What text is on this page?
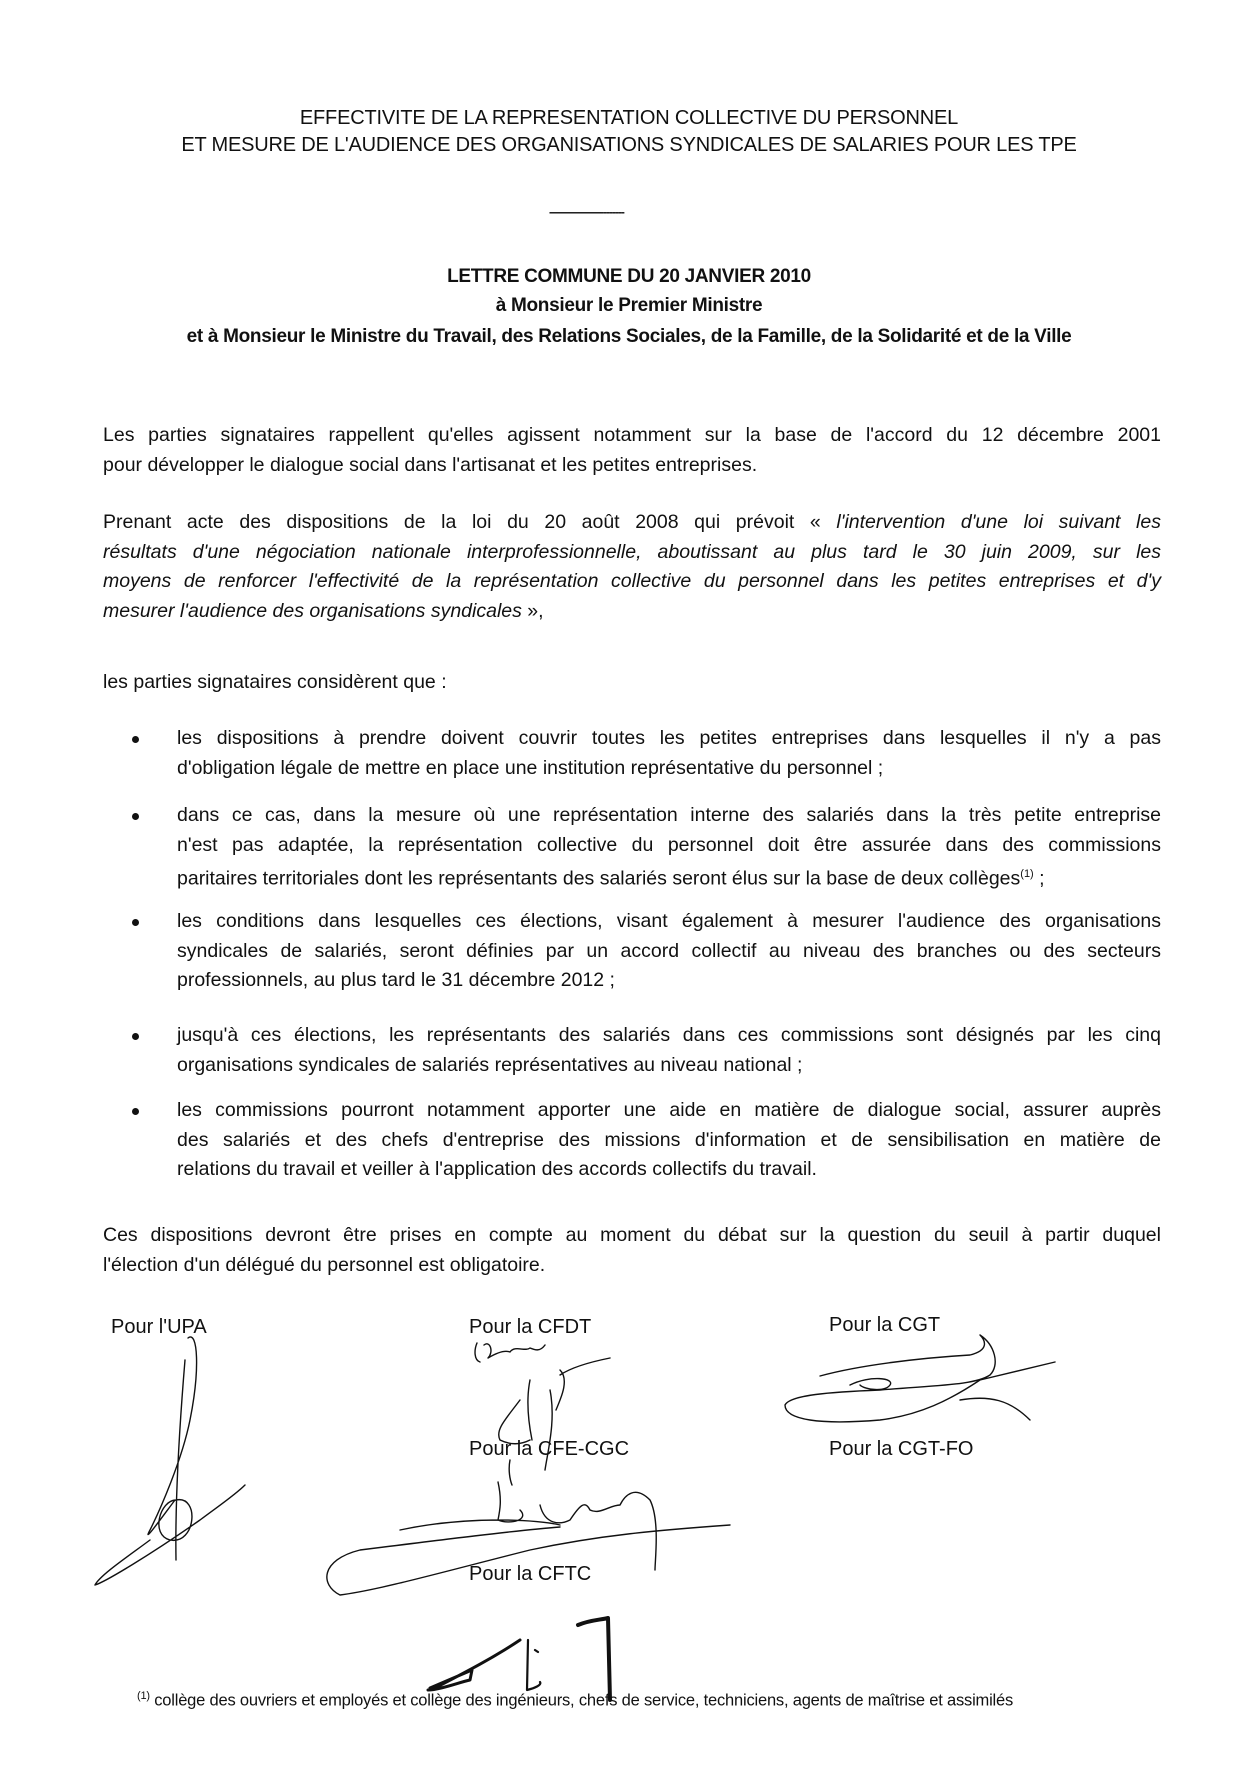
EFFECTIVITE DE LA REPRESENTATION COLLECTIVE DU PERSONNEL
ET MESURE DE L'AUDIENCE DES ORGANISATIONS SYNDICALES DE SALARIES POUR LES TPE
-------------------------
LETTRE COMMUNE DU 20 JANVIER 2010
à Monsieur le Premier Ministre
et à Monsieur le Ministre du Travail, des Relations Sociales, de la Famille, de la Solidarité et de la Ville
Les parties signataires rappellent qu'elles agissent notamment sur la base de l'accord du 12 décembre 2001
pour développer le dialogue social dans l'artisanat et les petites entreprises.
Prenant acte des dispositions de la loi du 20 août 2008 qui prévoit « l'intervention d'une loi suivant les
résultats d'une négociation nationale interprofessionnelle, aboutissant au plus tard le 30 juin 2009, sur les
moyens de renforcer l'effectivité de la représentation collective du personnel dans les petites entreprises et d'y
mesurer l'audience des organisations syndicales »,
les parties signataires considèrent que :
les dispositions à prendre doivent couvrir toutes les petites entreprises dans lesquelles il n'y a pas
d'obligation légale de mettre en place une institution représentative du personnel ;
dans ce cas, dans la mesure où une représentation interne des salariés dans la très petite entreprise
n'est pas adaptée, la représentation collective du personnel doit être assurée dans des commissions
paritaires territoriales dont les représentants des salariés seront élus sur la base de deux collèges$^{(1)}$ ;
les conditions dans lesquelles ces élections, visant également à mesurer l'audience des organisations
syndicales de salariés, seront définies par un accord collectif au niveau des branches ou des secteurs
professionnels, au plus tard le 31 décembre 2012 ;
jusqu'à ces élections, les représentants des salariés dans ces commissions sont désignés par les cinq
organisations syndicales de salariés représentatives au niveau national ;
les commissions pourront notamment apporter une aide en matière de dialogue social, assurer auprès
des salariés et des chefs d'entreprise des missions d'information et de sensibilisation en matière de
relations du travail et veiller à l'application des accords collectifs du travail.
Ces dispositions devront être prises en compte au moment du débat sur la question du seuil à partir duquel
l'élection d'un délégué du personnel est obligatoire.
Pour l'UPA	Pour la CFDT	Pour la CGT
Pour la CFE-CGC	Pour la CGT-FO
Pour la CFTC
$^{(1)}$ collège des ouvriers et employés et collège des ingénieurs, chefs de service, techniciens, agents de maîtrise et assimilés
